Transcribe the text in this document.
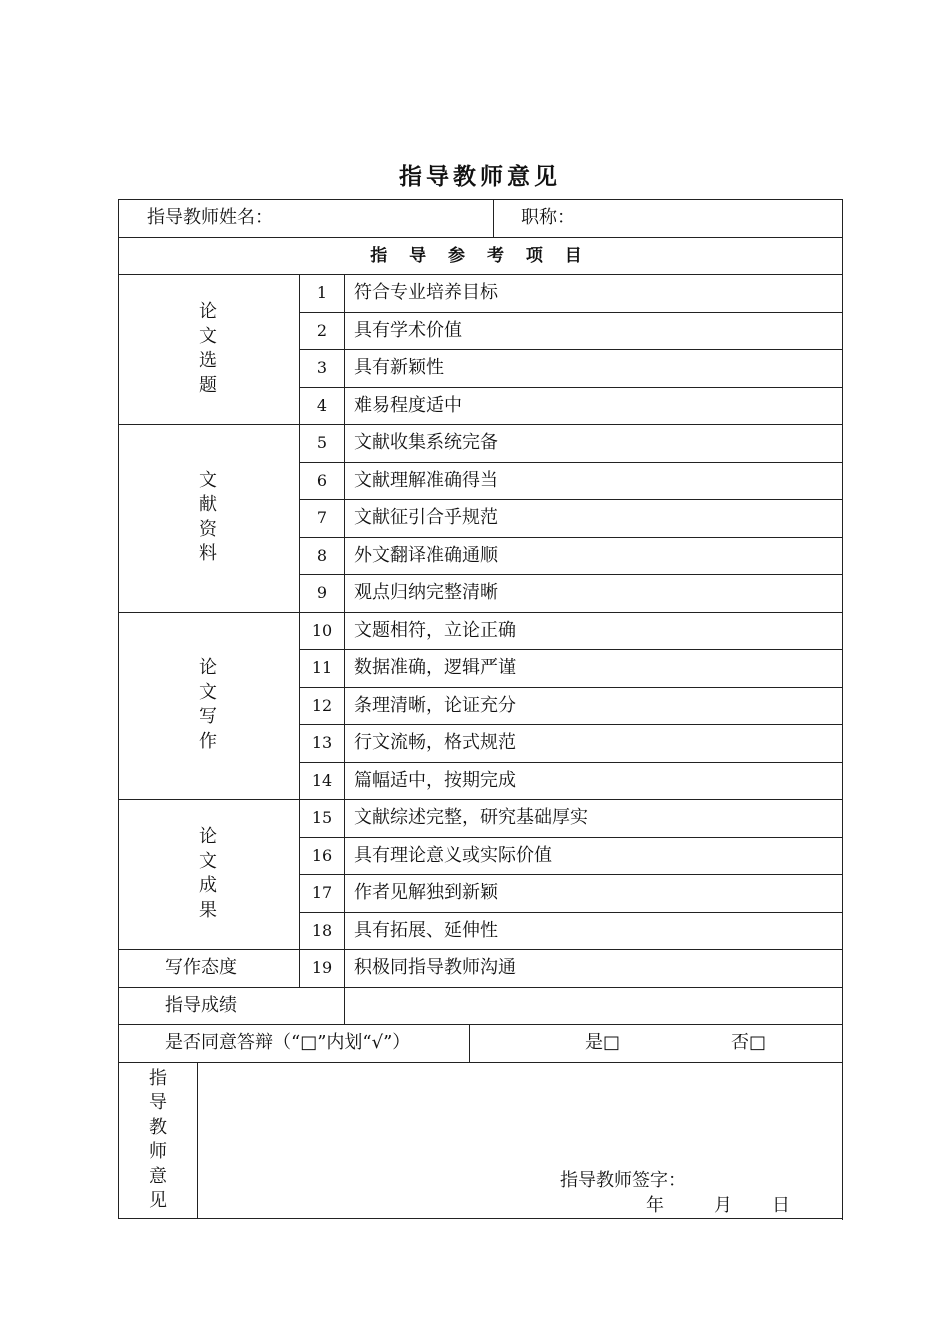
指导教师意见
指导教师姓名：	职称：
指 导 参 考 项 目
论
文
选
题
1	符合专业培养目标
2	具有学术价值
3	具有新颖性
4	难易程度适中
文
献
资
料
5	文献收集系统完备
6	文献理解准确得当
7	文献征引合乎规范
8	外文翻译准确通顺
9	观点归纳完整清晰
论
文
写
作
10	文题相符，立论正确
11	数据准确，逻辑严谨
12	条理清晰，论证充分
13	行文流畅，格式规范
14	篇幅适中，按期完成
论
文
成
果
15	文献综述完整，研究基础厚实
16	具有理论意义或实际价值
17	作者见解独到新颖
18	具有拓展、延伸性
写作态度	19	积极同指导教师沟通
指导成绩
是否同意答辩（“□”内划“√”）	是□	否□
指
导
教
师
意
见
指导教师签字：
年	月 日
